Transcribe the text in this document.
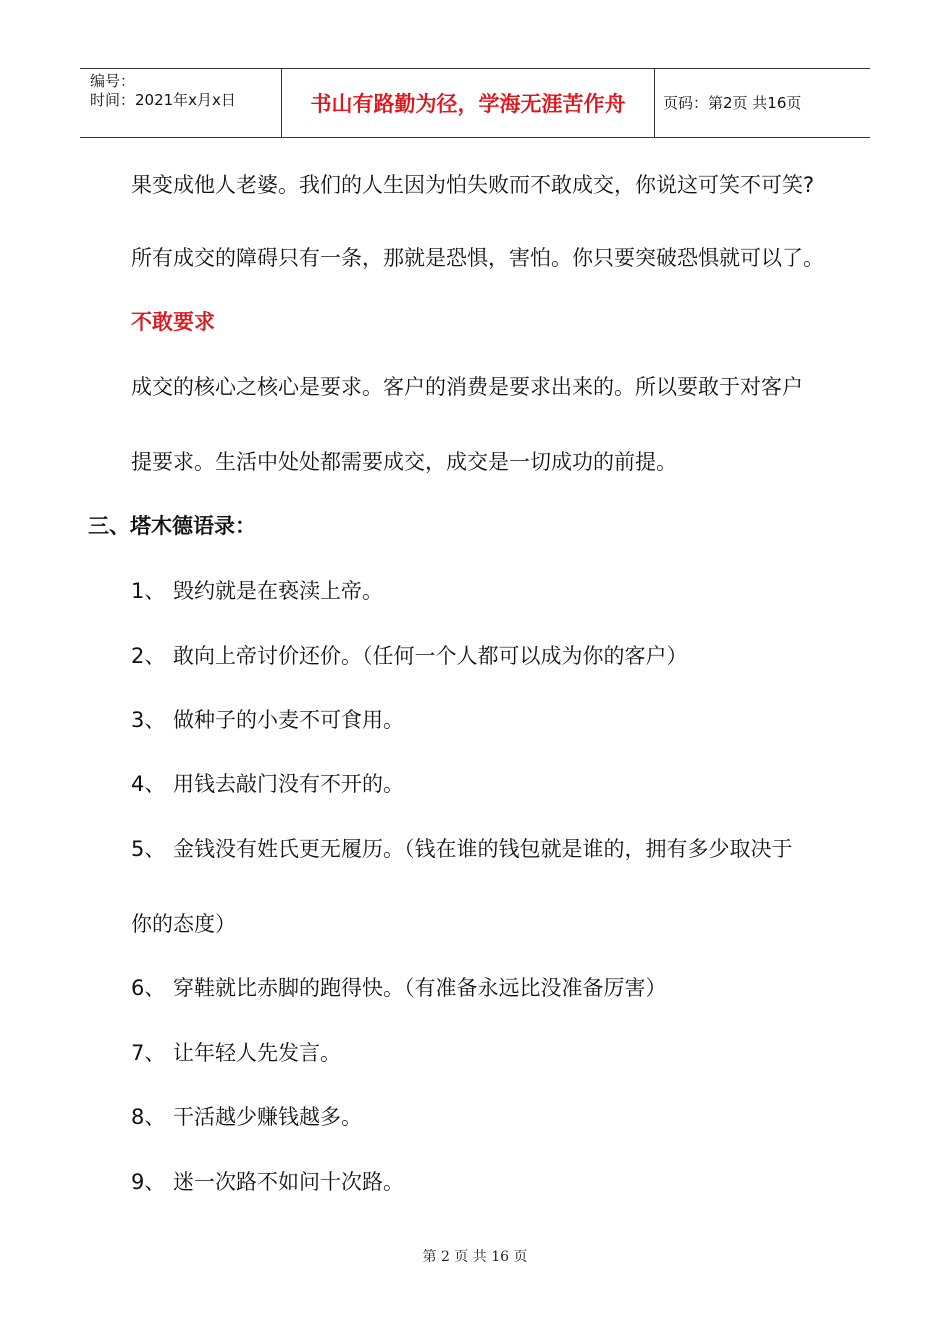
编号：
时间：2021年x月x日	书山有路勤为径，学海无涯苦作舟	页码：第2页 共16页
果变成他人老婆。我们的人生因为怕失败而不敢成交，你说这可笑不可笑?
所有成交的障碍只有一条，那就是恐惧，害怕。你只要突破恐惧就可以了。
不敢要求
成交的核心之核心是要求。客户的消费是要求出来的。所以要敢于对客户
提要求。生活中处处都需要成交，成交是一切成功的前提。
三、塔木德语录：
1、 毁约就是在亵渎上帝。
2、 敢向上帝讨价还价。（任何一个人都可以成为你的客户）
3、 做种子的小麦不可食用。
4、 用钱去敲门没有不开的。
5、 金钱没有姓氏更无履历。（钱在谁的钱包就是谁的，拥有多少取决于
你的态度）
6、 穿鞋就比赤脚的跑得快。（有准备永远比没准备厉害）
7、 让年轻人先发言。
8、 干活越少赚钱越多。
9、 迷一次路不如问十次路。
第 2 页 共 16 页
